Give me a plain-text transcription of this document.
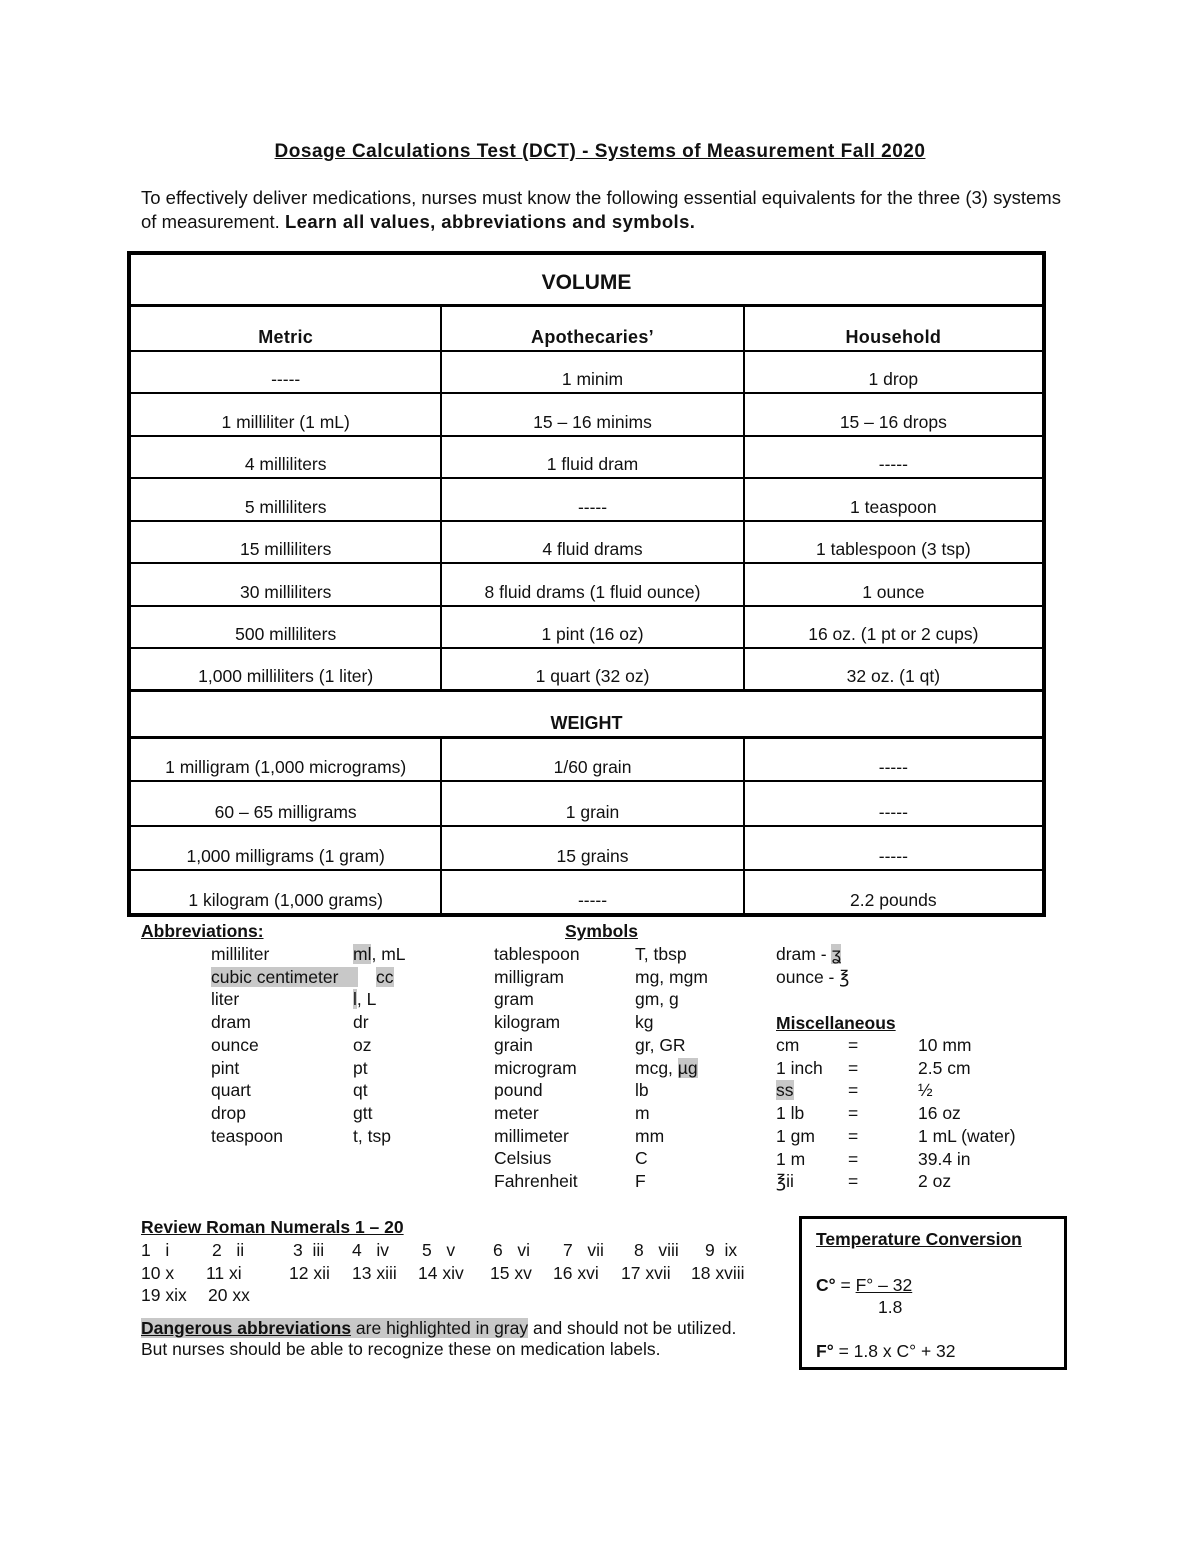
Dosage Calculations Test (DCT) - Systems of Measurement Fall 2020
To effectively deliver medications, nurses must know the following essential equivalents for the three (3) systems of measurement. Learn all values, abbreviations and symbols.
VOLUME		
Metric	Apothecaries’	Household
-----	1 minim	1 drop
1 milliliter (1 mL)	15 – 16 minims	15 – 16 drops
4 milliliters	1 fluid dram	-----
5 milliliters	-----	1 teaspoon
15 milliliters	4 fluid drams	1 tablespoon (3 tsp)
30 milliliters	8 fluid drams (1 fluid ounce)	1 ounce
500 milliliters	1 pint (16 oz)	16 oz. (1 pt or 2 cups)
1,000 milliliters (1 liter)	1 quart (32 oz)	32 oz. (1 qt)
WEIGHT		
1 milligram (1,000 micrograms)	1/60 grain	-----
60 – 65 milligrams	1 grain	-----
1,000 milligrams (1 gram)	15 grains	-----
1 kilogram (1,000 grams)	-----	2.2 pounds
Abbreviations:	Symbols
milliliter	ml, mL
cubic centimeter cc
liter	l, L
dram	dr
ounce	oz
pint	pt
quart	qt
drop	gtt
teaspoon	t, tsp
tablespoon	T, tbsp
milligram	mg, mgm
gram	gm, g
kilogram	kg
grain	gr, GR
microgram	mcg, µg
pound	lb
meter	m
millimeter	mm
Celsius	C
Fahrenheit	F
dram - ʓ
ounce - ℥
Miscellaneous
cm	=	10 mm
1 inch =	2.5 cm
ss	=	½
1 lb	=	16 oz
1 gm =	1 mL (water)
1 m =	39.4 in
℥ii	=	2 oz
Review Roman Numerals 1 – 20
1   i 2   ii	3  iii 4   iv 5   v 6   vi 7   vii 8   viii 9  ix
10 x 11 xi	12 xii 13 xiii 14 xiv 15 xv 16 xvi 17 xvii 18 xviii
19 xix 20 xx
Dangerous abbreviations are highlighted in gray and should not be utilized.
But nurses should be able to recognize these on medication labels.
Temperature Conversion
C° = F° – 32
1.8
F° = 1.8 x C° + 32
